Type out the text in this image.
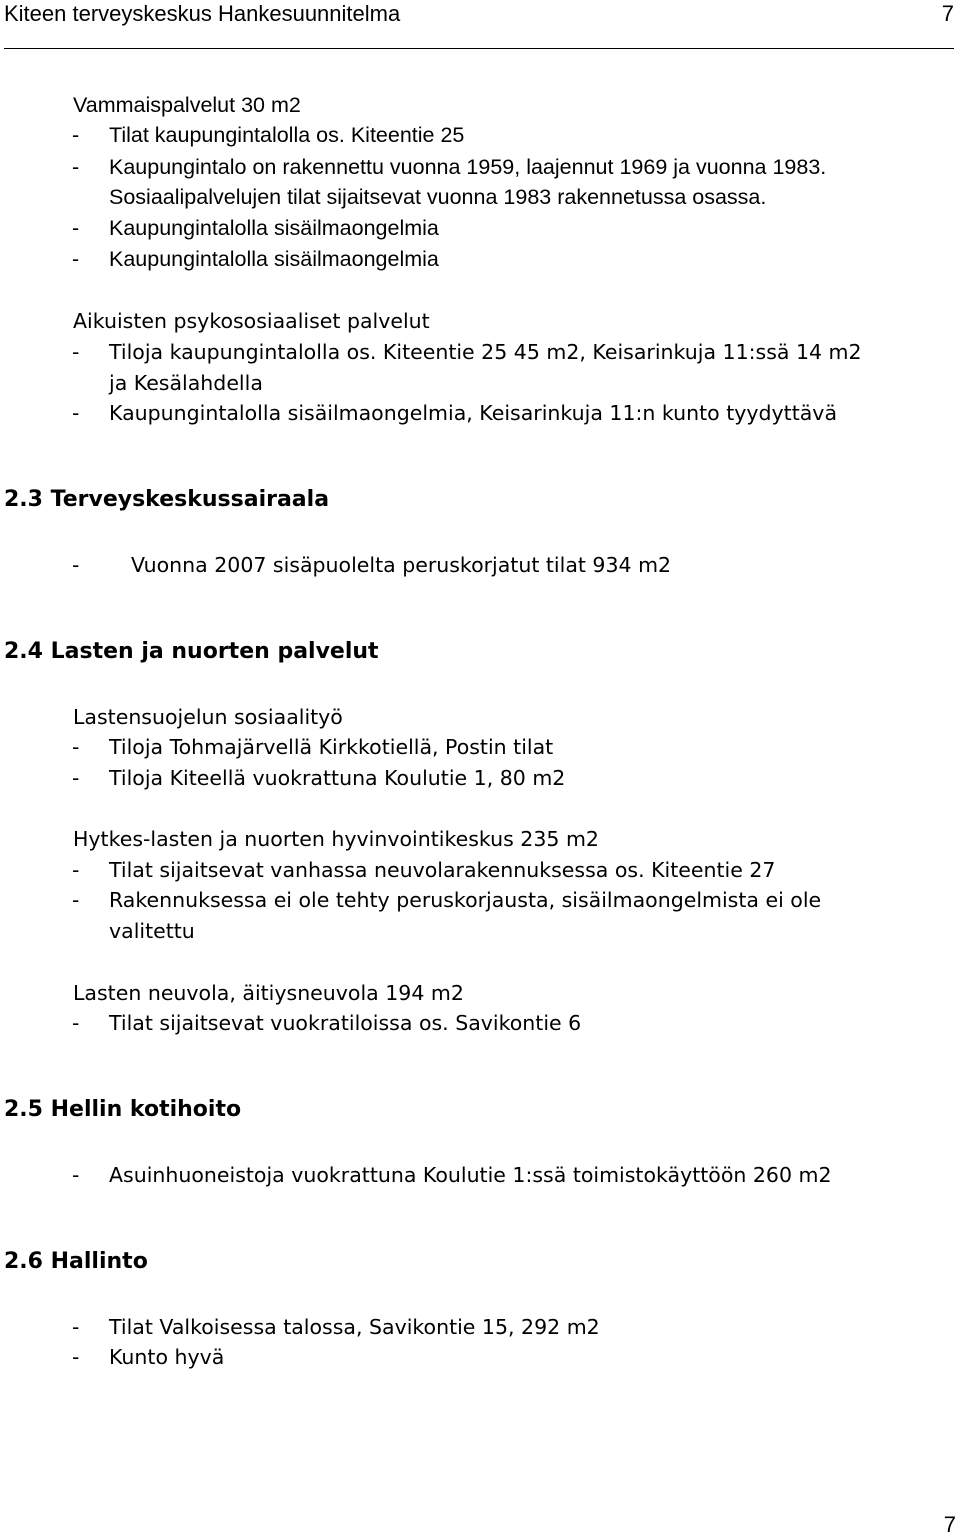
Kiteen terveyskeskus Hankesuunnitelma	7
Vammaispalvelut 30 m2
- Tilat kaupungintalolla os. Kiteentie 25
- Kaupungintalo on rakennettu vuonna 1959, laajennut 1969 ja vuonna 1983.
Sosiaalipalvelujen tilat sijaitsevat vuonna 1983 rakennetussa osassa.
- Kaupungintalolla sisäilmaongelmia
- Kaupungintalolla sisäilmaongelmia
Aikuisten psykososiaaliset palvelut
- Tiloja kaupungintalolla os. Kiteentie 25 45 m2, Keisarinkuja 11:ssä 14 m2
ja Kesälahdella
- Kaupungintalolla sisäilmaongelmia, Keisarinkuja 11:n kunto tyydyttävä
2.3 Terveyskeskussairaala
-	Vuonna 2007 sisäpuolelta peruskorjatut tilat 934 m2
2.4 Lasten ja nuorten palvelut
Lastensuojelun sosiaalityö
- Tiloja Tohmajärvellä Kirkkotiellä, Postin tilat
- Tiloja Kiteellä vuokrattuna Koulutie 1, 80 m2
Hytkes-lasten ja nuorten hyvinvointikeskus 235 m2
- Tilat sijaitsevat vanhassa neuvolarakennuksessa os. Kiteentie 27
- Rakennuksessa ei ole tehty peruskorjausta, sisäilmaongelmista ei ole
valitettu
Lasten neuvola, äitiysneuvola 194 m2
- Tilat sijaitsevat vuokratiloissa os. Savikontie 6
2.5 Hellin kotihoito
- Asuinhuoneistoja vuokrattuna Koulutie 1:ssä toimistokäyttöön 260 m2
2.6 Hallinto
- Tilat Valkoisessa talossa, Savikontie 15, 292 m2
- Kunto hyvä
7
